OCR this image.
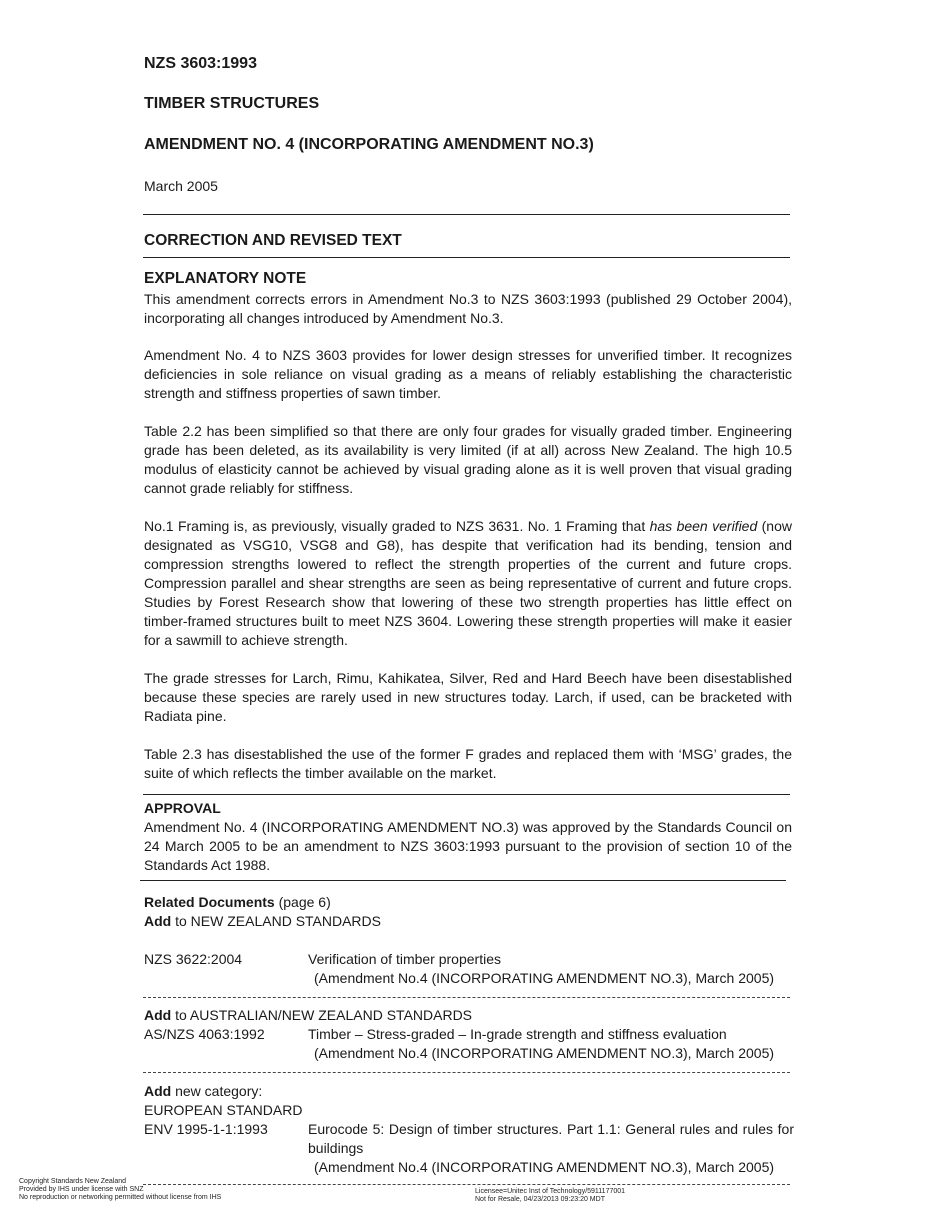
NZS 3603:1993
TIMBER STRUCTURES
AMENDMENT NO. 4 (INCORPORATING AMENDMENT NO.3)
March 2005
CORRECTION AND REVISED TEXT
EXPLANATORY NOTE

This amendment corrects errors in Amendment No.3 to NZS 3603:1993 (published 29 October 2004), incorporating all changes introduced by Amendment No.3.

Amendment No. 4 to NZS 3603 provides for lower design stresses for unverified timber. It recognizes deficiencies in sole reliance on visual grading as a means of reliably establishing the characteristic strength and stiffness properties of sawn timber.

Table 2.2 has been simplified so that there are only four grades for visually graded timber. Engineering grade has been deleted, as its availability is very limited (if at all) across New Zealand. The high 10.5 modulus of elasticity cannot be achieved by visual grading alone as it is well proven that visual grading cannot grade reliably for stiffness.

No.1 Framing is, as previously, visually graded to NZS 3631. No. 1 Framing that has been verified (now designated as VSG10, VSG8 and G8), has despite that verification had its bending, tension and compression strengths lowered to reflect the strength properties of the current and future crops. Compression parallel and shear strengths are seen as being representative of current and future crops. Studies by Forest Research show that lowering of these two strength properties has little effect on timber-framed structures built to meet NZS 3604. Lowering these strength properties will make it easier for a sawmill to achieve strength.

The grade stresses for Larch, Rimu, Kahikatea, Silver, Red and Hard Beech have been disestablished because these species are rarely used in new structures today. Larch, if used, can be bracketed with Radiata pine.

Table 2.3 has disestablished the use of the former F grades and replaced them with ‘MSG’ grades, the suite of which reflects the timber available on the market.

APPROVAL

Amendment No. 4 (INCORPORATING AMENDMENT NO.3) was approved by the Standards Council on 24 March 2005 to be an amendment to NZS 3603:1993 pursuant to the provision of section 10 of the Standards Act 1988.

Related Documents (page 6)
Add to NEW ZEALAND STANDARDS
NZS 3622:2004	Verification of timber properties
(Amendment No.4 (INCORPORATING AMENDMENT NO.3), March 2005)
Add to AUSTRALIAN/NEW ZEALAND STANDARDS
AS/NZS 4063:1992	Timber – Stress-graded – In-grade strength and stiffness evaluation
(Amendment No.4 (INCORPORATING AMENDMENT NO.3), March 2005)
Add new category:
EUROPEAN STANDARD
ENV 1995-1-1:1993	Eurocode 5: Design of timber structures. Part 1.1: General rules and rules for buildings
(Amendment No.4 (INCORPORATING AMENDMENT NO.3), March 2005)
Copyright Standards New Zealand
Provided by IHS under license with SNZ
No reproduction or networking permitted without license from IHS
Licensee=Unitec Inst of Technology/5911177001
Not for Resale, 04/23/2013 09:23:20 MDT
